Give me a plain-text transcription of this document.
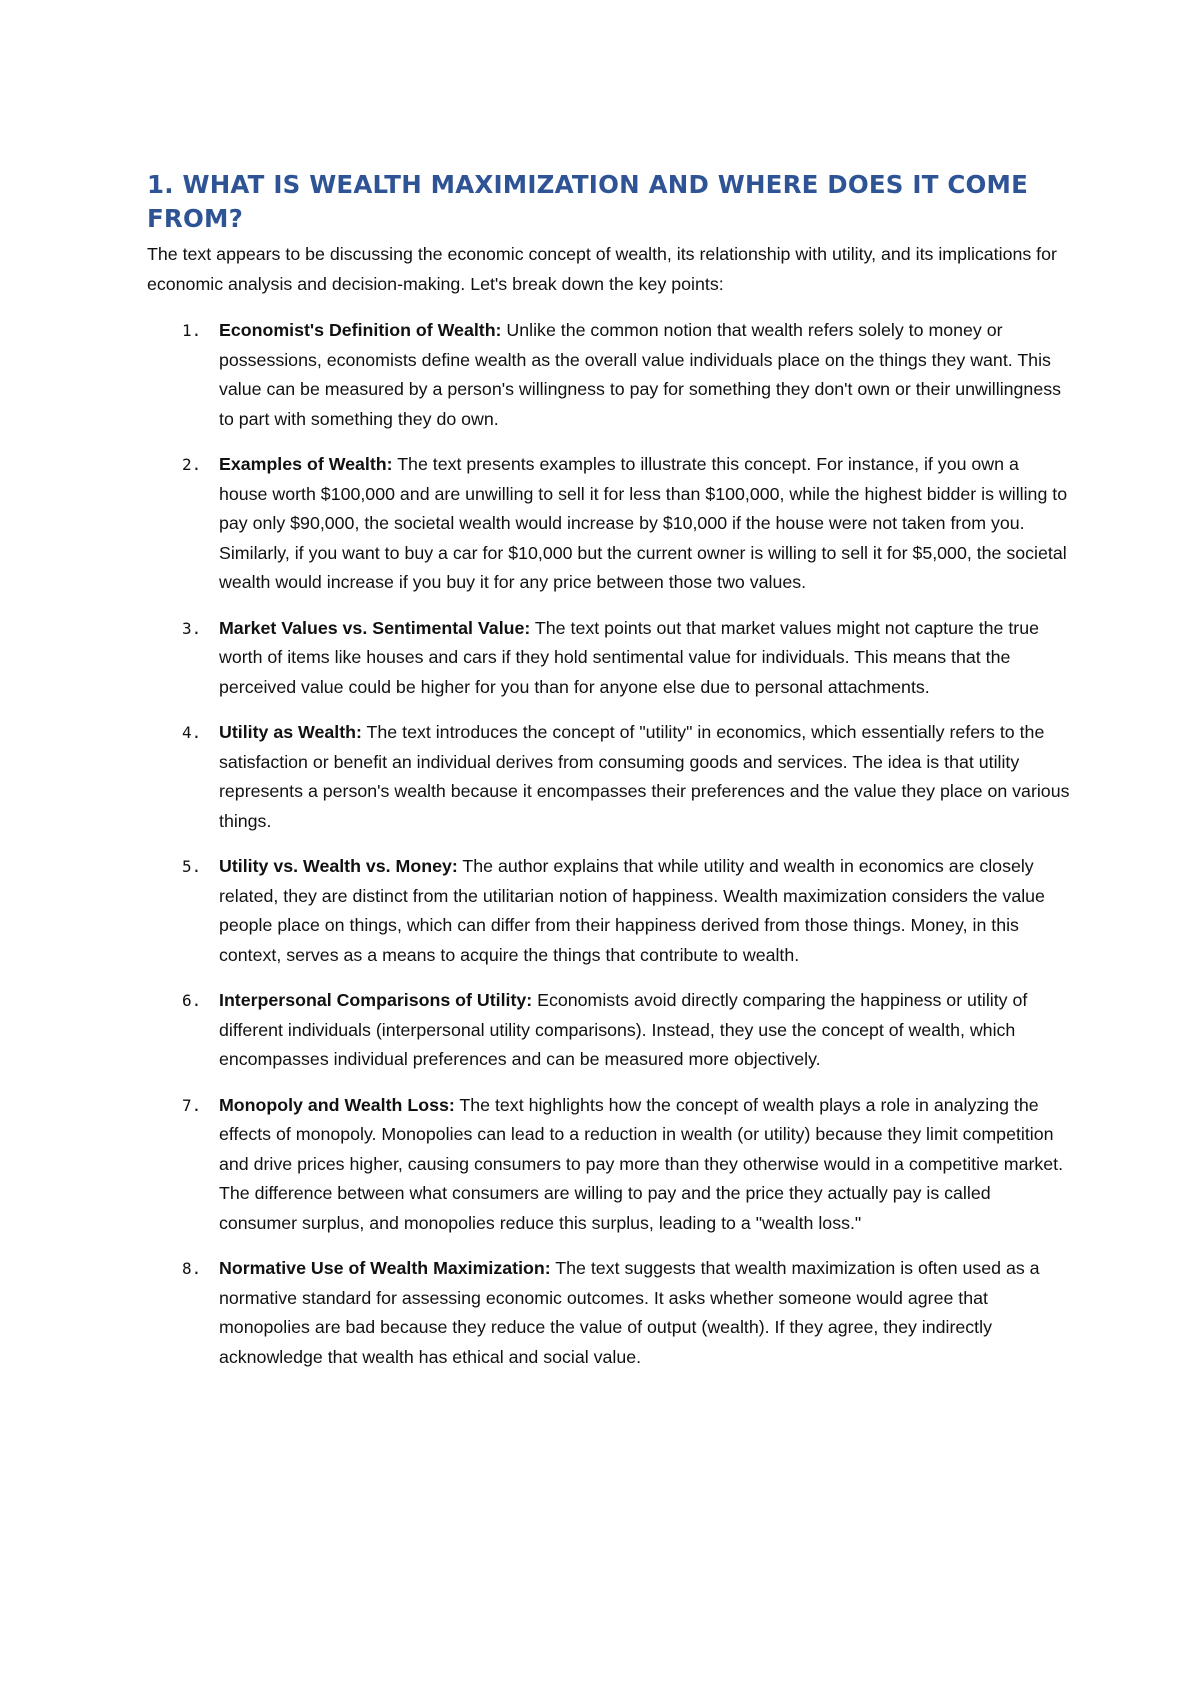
1. WHAT IS WEALTH MAXIMIZATION AND WHERE DOES IT COME FROM?

The text appears to be discussing the economic concept of wealth, its relationship with utility, and its implications for economic analysis and decision-making. Let's break down the key points:

1. Economist's Definition of Wealth: Unlike the common notion that wealth refers solely to money or possessions, economists define wealth as the overall value individuals place on the things they want. This value can be measured by a person's willingness to pay for something they don't own or their unwillingness to part with something they do own.
2. Examples of Wealth: The text presents examples to illustrate this concept. For instance, if you own a house worth $100,000 and are unwilling to sell it for less than $100,000, while the highest bidder is willing to pay only $90,000, the societal wealth would increase by $10,000 if the house were not taken from you. Similarly, if you want to buy a car for $10,000 but the current owner is willing to sell it for $5,000, the societal wealth would increase if you buy it for any price between those two values.
3. Market Values vs. Sentimental Value: The text points out that market values might not capture the true worth of items like houses and cars if they hold sentimental value for individuals. This means that the perceived value could be higher for you than for anyone else due to personal attachments.
4. Utility as Wealth: The text introduces the concept of "utility" in economics, which essentially refers to the satisfaction or benefit an individual derives from consuming goods and services. The idea is that utility represents a person's wealth because it encompasses their preferences and the value they place on various things.
5. Utility vs. Wealth vs. Money: The author explains that while utility and wealth in economics are closely related, they are distinct from the utilitarian notion of happiness. Wealth maximization considers the value people place on things, which can differ from their happiness derived from those things. Money, in this context, serves as a means to acquire the things that contribute to wealth.
6. Interpersonal Comparisons of Utility: Economists avoid directly comparing the happiness or utility of different individuals (interpersonal utility comparisons). Instead, they use the concept of wealth, which encompasses individual preferences and can be measured more objectively.
7. Monopoly and Wealth Loss: The text highlights how the concept of wealth plays a role in analyzing the effects of monopoly. Monopolies can lead to a reduction in wealth (or utility) because they limit competition and drive prices higher, causing consumers to pay more than they otherwise would in a competitive market. The difference between what consumers are willing to pay and the price they actually pay is called consumer surplus, and monopolies reduce this surplus, leading to a "wealth loss."
8. Normative Use of Wealth Maximization: The text suggests that wealth maximization is often used as a normative standard for assessing economic outcomes. It asks whether someone would agree that monopolies are bad because they reduce the value of output (wealth). If they agree, they indirectly acknowledge that wealth has ethical and social value.
